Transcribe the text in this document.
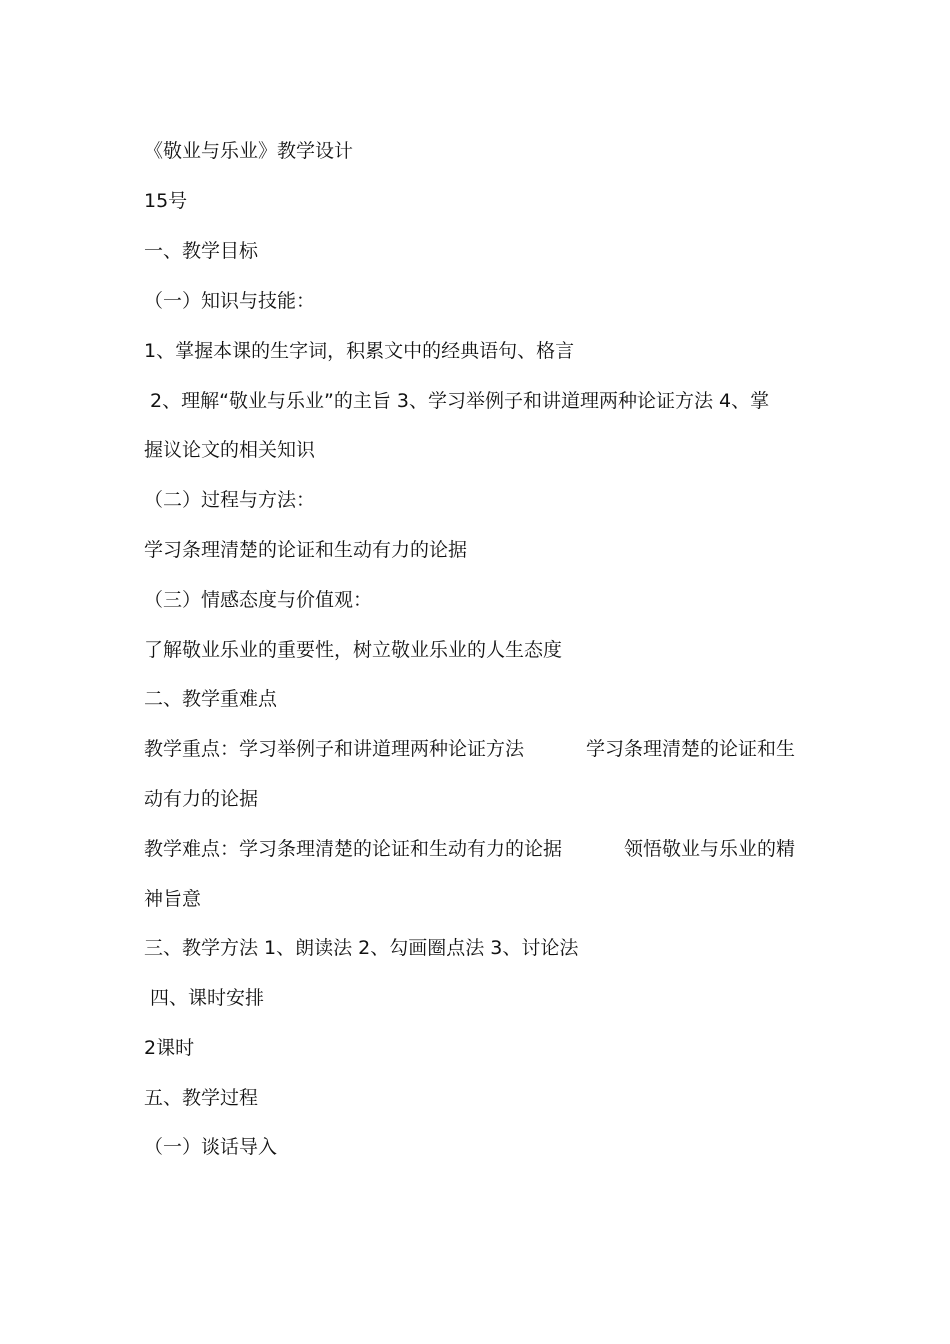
《敬业与乐业》教学设计
15号
一、教学目标
（一）知识与技能：
1、掌握本课的生字词，积累文中的经典语句、格言
2、理解“敬业与乐业”的主旨 3、学习举例子和讲道理两种论证方法 4、掌
握议论文的相关知识
（二）过程与方法：
学习条理清楚的论证和生动有力的论据
（三）情感态度与价值观：
了解敬业乐业的重要性，树立敬业乐业的人生态度
二、教学重难点
教学重点：学习举例子和讲道理两种论证方法	学习条理清楚的论证和生
动有力的论据
教学难点：学习条理清楚的论证和生动有力的论据	领悟敬业与乐业的精
神旨意
三、教学方法 1、朗读法 2、勾画圈点法 3、讨论法
四、课时安排
2课时
五、教学过程
（一）谈话导入
